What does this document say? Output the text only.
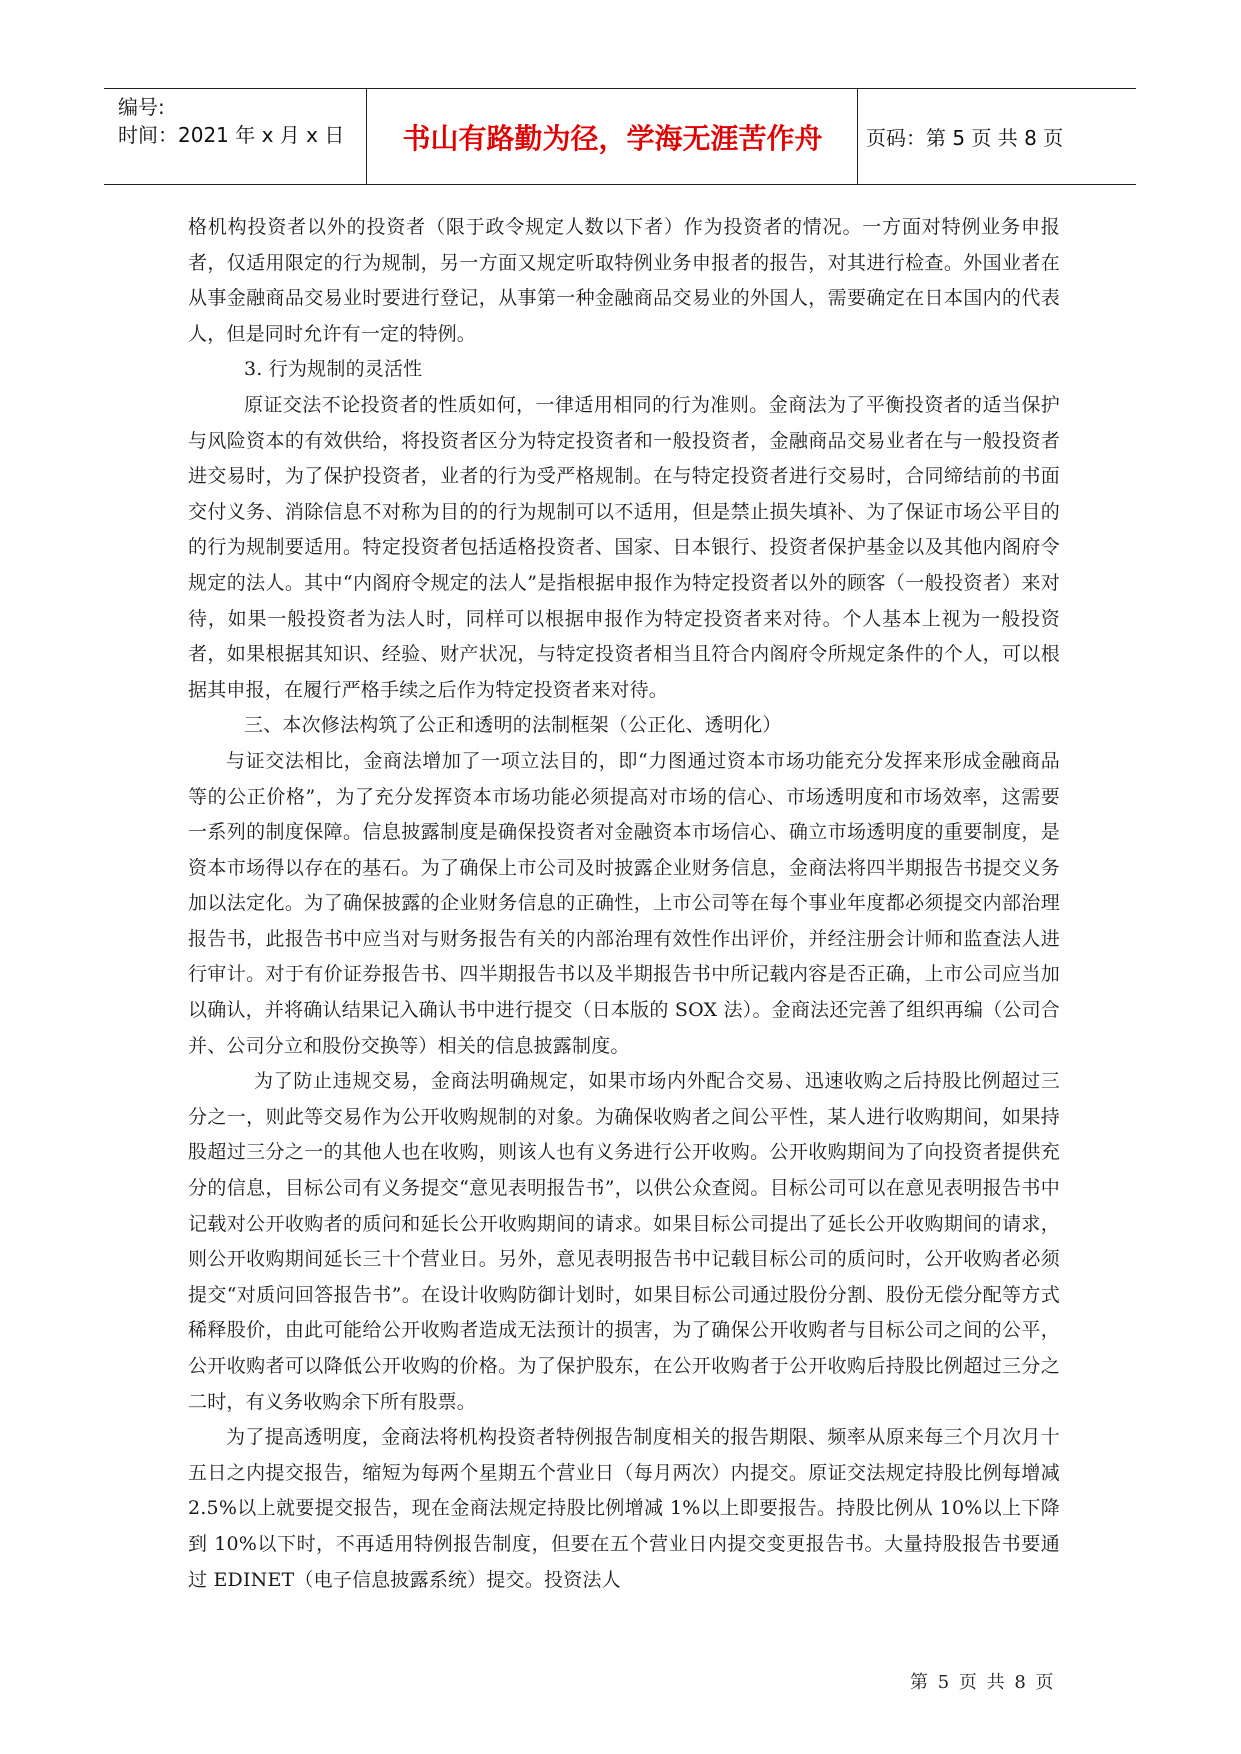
编号:
时间：2021 年 x 月 x 日	书山有路勤为径，学海无涯苦作舟	页码：第 5 页 共 8 页

格机构投资者以外的投资者（限于政令规定人数以下者）作为投资者的情况。一方面对特例业务申报者，仅适用限定的行为规制，另一方面又规定听取特例业务申报者的报告，对其进行检查。外国业者在从事金融商品交易业时要进行登记，从事第一种金融商品交易业的外国人，需要确定在日本国内的代表人，但是同时允许有一定的特例。

3. 行为规制的灵活性

原证交法不论投资者的性质如何，一律适用相同的行为准则。金商法为了平衡投资者的适当保护与风险资本的有效供给，将投资者区分为特定投资者和一般投资者，金融商品交易业者在与一般投资者进交易时，为了保护投资者，业者的行为受严格规制。在与特定投资者进行交易时，合同缔结前的书面交付义务、消除信息不对称为目的的行为规制可以不适用，但是禁止损失填补、为了保证市场公平目的的行为规制要适用。特定投资者包括适格投资者、国家、日本银行、投资者保护基金以及其他内阁府令规定的法人。其中“内阁府令规定的法人”是指根据申报作为特定投资者以外的顾客（一般投资者）来对待，如果一般投资者为法人时，同样可以根据申报作为特定投资者来对待。个人基本上视为一般投资者，如果根据其知识、经验、财产状况，与特定投资者相当且符合内阁府令所规定条件的个人，可以根据其申报，在履行严格手续之后作为特定投资者来对待。

三、本次修法构筑了公正和透明的法制框架（公正化、透明化）

与证交法相比，金商法增加了一项立法目的，即“力图通过资本市场功能充分发挥来形成金融商品等的公正价格”，为了充分发挥资本市场功能必须提高对市场的信心、市场透明度和市场效率，这需要一系列的制度保障。信息披露制度是确保投资者对金融资本市场信心、确立市场透明度的重要制度，是资本市场得以存在的基石。为了确保上市公司及时披露企业财务信息，金商法将四半期报告书提交义务加以法定化。为了确保披露的企业财务信息的正确性，上市公司等在每个事业年度都必须提交内部治理报告书，此报告书中应当对与财务报告有关的内部治理有效性作出评价，并经注册会计师和监查法人进行审计。对于有价证券报告书、四半期报告书以及半期报告书中所记载内容是否正确，上市公司应当加以确认，并将确认结果记入确认书中进行提交（日本版的 SOX 法）。金商法还完善了组织再编（公司合并、公司分立和股份交换等）相关的信息披露制度。

为了防止违规交易，金商法明确规定，如果市场内外配合交易、迅速收购之后持股比例超过三分之一，则此等交易作为公开收购规制的对象。为确保收购者之间公平性，某人进行收购期间，如果持股超过三分之一的其他人也在收购，则该人也有义务进行公开收购。公开收购期间为了向投资者提供充分的信息，目标公司有义务提交“意见表明报告书”，以供公众查阅。目标公司可以在意见表明报告书中记载对公开收购者的质问和延长公开收购期间的请求。如果目标公司提出了延长公开收购期间的请求，则公开收购期间延长三十个营业日。另外，意见表明报告书中记载目标公司的质问时，公开收购者必须提交“对质问回答报告书”。在设计收购防御计划时，如果目标公司通过股份分割、股份无偿分配等方式稀释股价，由此可能给公开收购者造成无法预计的损害，为了确保公开收购者与目标公司之间的公平，公开收购者可以降低公开收购的价格。为了保护股东，在公开收购者于公开收购后持股比例超过三分之二时，有义务收购余下所有股票。

为了提高透明度，金商法将机构投资者特例报告制度相关的报告期限、频率从原来每三个月次月十五日之内提交报告，缩短为每两个星期五个营业日（每月两次）内提交。原证交法规定持股比例每增减 2.5%以上就要提交报告，现在金商法规定持股比例增减 1%以上即要报告。持股比例从 10%以上下降到 10%以下时，不再适用特例报告制度，但要在五个营业日内提交变更报告书。大量持股报告书要通过 EDINET（电子信息披露系统）提交。投资法人

第 5 页 共 8 页
